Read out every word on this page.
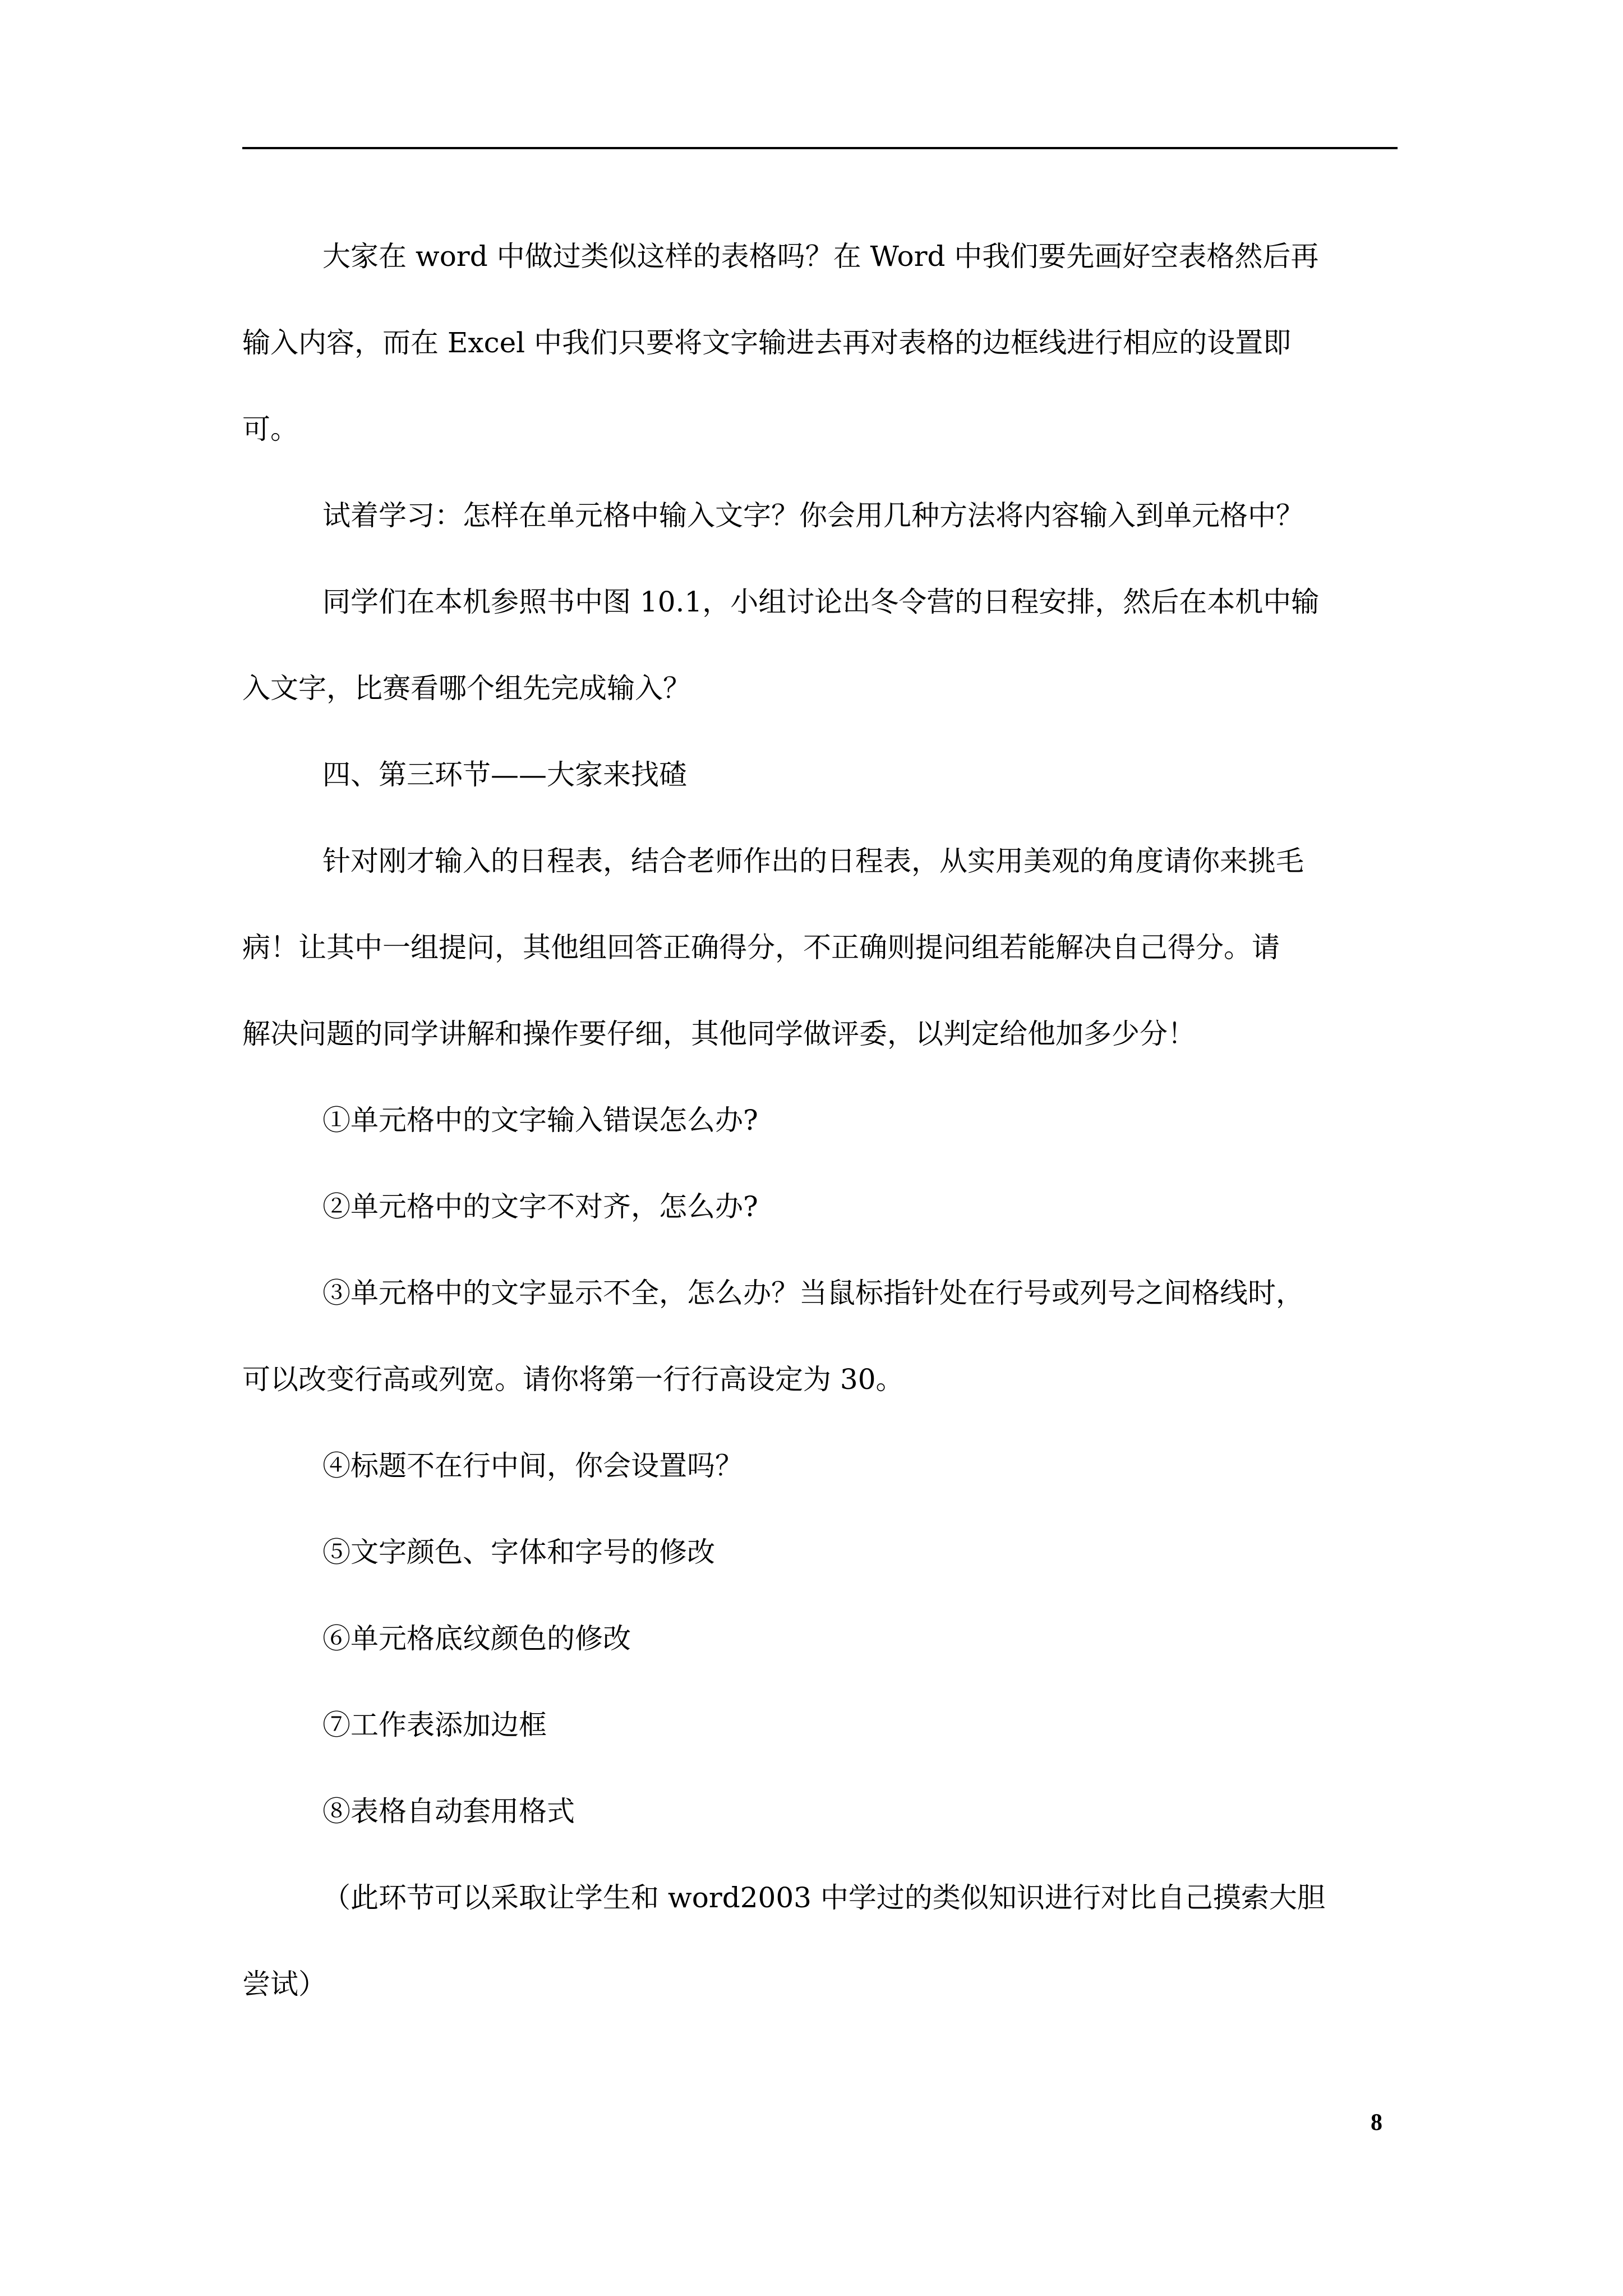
大家在 word 中做过类似这样的表格吗？在 Word 中我们要先画好空表格然后再

输入内容，而在 Excel 中我们只要将文字输进去再对表格的边框线进行相应的设置即

可。

试着学习：怎样在单元格中输入文字？你会用几种方法将内容输入到单元格中？

同学们在本机参照书中图 10.1，小组讨论出冬令营的日程安排，然后在本机中输

入文字，比赛看哪个组先完成输入？

四、第三环节——大家来找碴

针对刚才输入的日程表，结合老师作出的日程表，从实用美观的角度请你来挑毛

病！让其中一组提问，其他组回答正确得分，不正确则提问组若能解决自己得分。请

解决问题的同学讲解和操作要仔细，其他同学做评委，以判定给他加多少分！

①单元格中的文字输入错误怎么办?

②单元格中的文字不对齐，怎么办?

③单元格中的文字显示不全，怎么办？当鼠标指针处在行号或列号之间格线时，

可以改变行高或列宽。请你将第一行行高设定为 30。

④标题不在行中间，你会设置吗？

⑤文字颜色、字体和字号的修改

⑥单元格底纹颜色的修改

⑦工作表添加边框

⑧表格自动套用格式

（此环节可以采取让学生和 word2003 中学过的类似知识进行对比自己摸索大胆

尝试）

8
